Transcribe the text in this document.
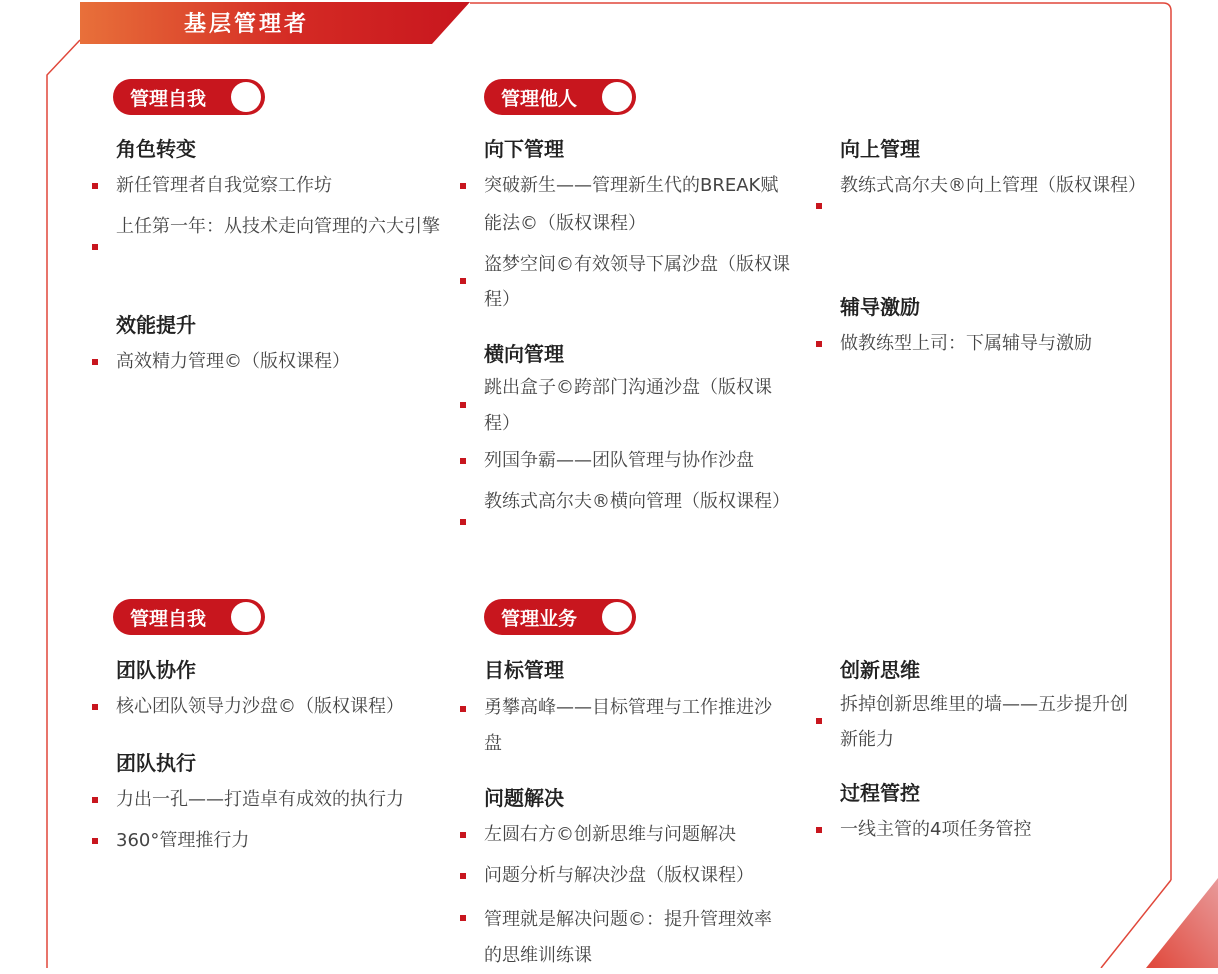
基层管理者
管理自我	管理他人
角色转变
新任管理者自我觉察工作坊
上任第一年：从技术走向管理的六大引擎
效能提升
高效精力管理©（版权课程）
向下管理
突破新生——管理新生代的BREAK赋能法©（版权课程）
盗梦空间©有效领导下属沙盘（版权课程）
横向管理
跳出盒子©跨部门沟通沙盘（版权课程）
列国争霸——团队管理与协作沙盘
教练式高尔夫®横向管理（版权课程）
向上管理
教练式高尔夫®向上管理（版权课程）
辅导激励
做教练型上司：下属辅导与激励
管理自我	管理业务
团队协作
核心团队领导力沙盘©（版权课程）
团队执行
力出一孔——打造卓有成效的执行力
360°管理推行力
目标管理
勇攀高峰——目标管理与工作推进沙盘
问题解决
左圆右方©创新思维与问题解决
问题分析与解决沙盘（版权课程）
管理就是解决问题©：提升管理效率的思维训练课
创新思维
拆掉创新思维里的墙——五步提升创新能力
过程管控
一线主管的4项任务管控
